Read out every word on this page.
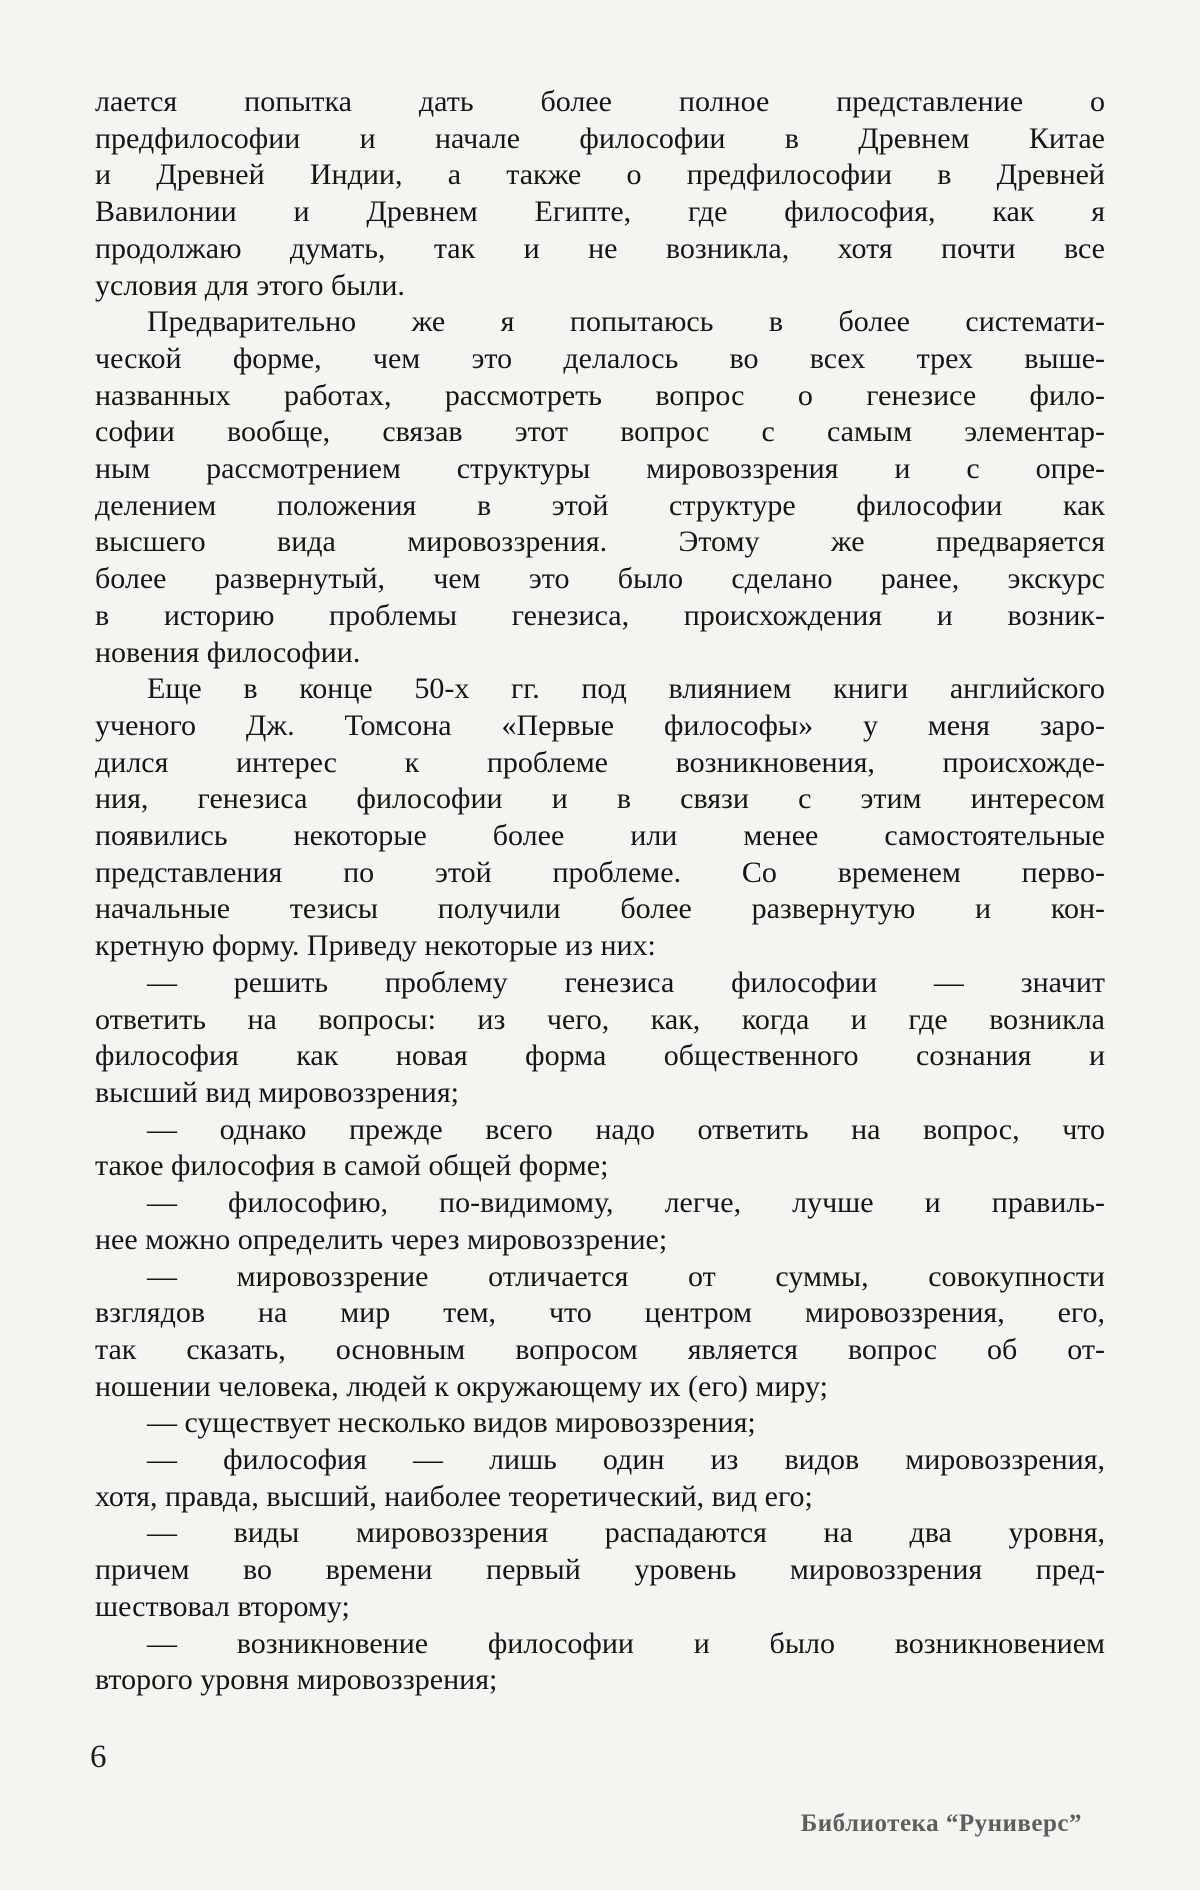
лается попытка дать более полное представление о
предфилософии и начале философии в Древнем Китае
и Древней Индии, а также о предфилософии в Древней
Вавилонии и Древнем Египте, где философия, как я
продолжаю думать, так и не возникла, хотя почти все
условия для этого были.
Предварительно же я попытаюсь в более системати-
ческой форме, чем это делалось во всех трех выше-
названных работах, рассмотреть вопрос о генезисе фило-
софии вообще, связав этот вопрос с самым элементар-
ным рассмотрением структуры мировоззрения и с опре-
делением положения в этой структуре философии как
высшего вида мировоззрения. Этому же предваряется
более развернутый, чем это было сделано ранее, экскурс
в историю проблемы генезиса, происхождения и возник-
новения философии.
Еще в конце 50-х гг. под влиянием книги английского
ученого Дж. Томсона «Первые философы» у меня заро-
дился интерес к проблеме возникновения, происхожде-
ния, генезиса философии и в связи с этим интересом
появились некоторые более или менее самостоятельные
представления по этой проблеме. Со временем перво-
начальные тезисы получили более развернутую и кон-
кретную форму. Приведу некоторые из них:
— решить проблему генезиса философии — значит
ответить на вопросы: из чего, как, когда и где возникла
философия как новая форма общественного сознания и
высший вид мировоззрения;
— однако прежде всего надо ответить на вопрос, что
такое философия в самой общей форме;
— философию, по-видимому, легче, лучше и правиль-
нее можно определить через мировоззрение;
— мировоззрение отличается от суммы, совокупности
взглядов на мир тем, что центром мировоззрения, его,
так сказать, основным вопросом является вопрос об от-
ношении человека, людей к окружающему их (его) миру;
— существует несколько видов мировоззрения;
— философия — лишь один из видов мировоззрения,
хотя, правда, высший, наиболее теоретический, вид его;
— виды мировоззрения распадаются на два уровня,
причем во времени первый уровень мировоззрения пред-
шествовал второму;
— возникновение философии и было возникновением
второго уровня мировоззрения;
6
Библиотека “Руниверс”
